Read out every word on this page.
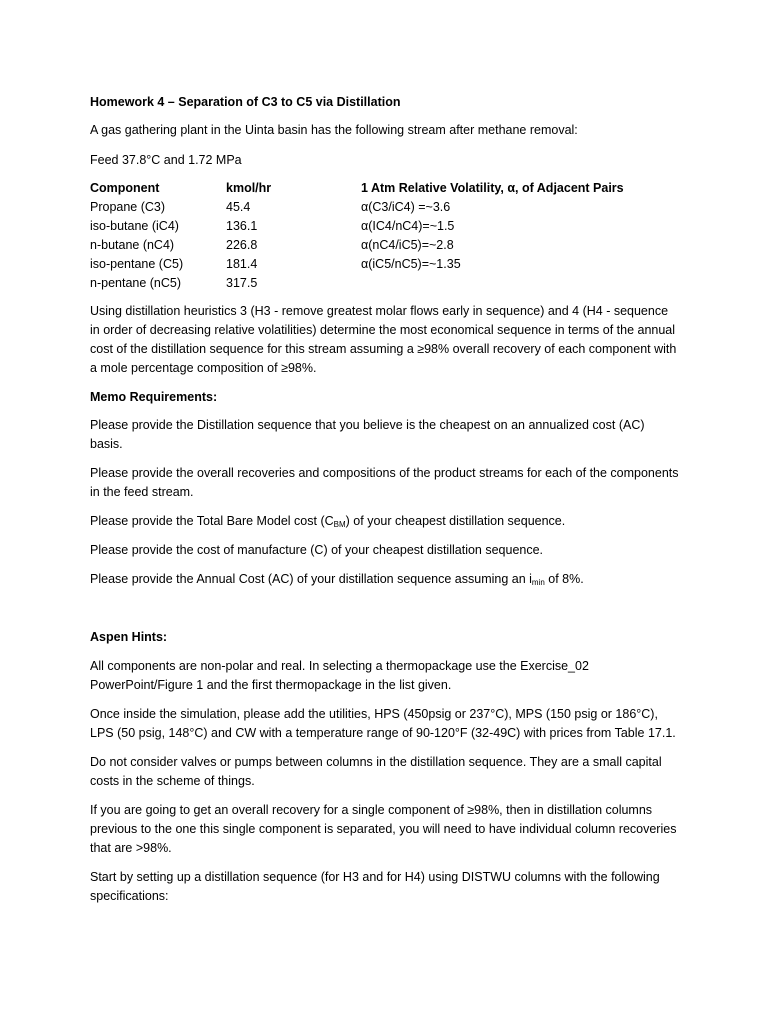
Homework 4 – Separation of C3 to C5 via Distillation

A gas gathering plant in the Uinta basin has the following stream after methane removal:

Feed 37.8°C and 1.72 MPa

Component	kmol/hr	1 Atm Relative Volatility, α, of Adjacent Pairs
Propane (C3)	45.4	α(C3/iC4) =~3.6
iso-butane (iC4)	136.1	α(IC4/nC4)=~1.5
n-butane (nC4)	226.8	α(nC4/iC5)=~2.8
iso-pentane (C5)	181.4	α(iC5/nC5)=~1.35
n-pentane (nC5)	317.5

Using distillation heuristics 3 (H3 - remove greatest molar flows early in sequence) and 4 (H4 - sequence in order of decreasing relative volatilities) determine the most economical sequence in terms of the annual cost of the distillation sequence for this stream assuming a ≥98% overall recovery of each component with a mole percentage composition of ≥98%.

Memo Requirements:

Please provide the Distillation sequence that you believe is the cheapest on an annualized cost (AC) basis.

Please provide the overall recoveries and compositions of the product streams for each of the components in the feed stream.

Please provide the Total Bare Model cost $(C_{BM})$ of your cheapest distillation sequence.

Please provide the cost of manufacture (C) of your cheapest distillation sequence.

Please provide the Annual Cost (AC) of your distillation sequence assuming an $i_{min}$ of 8%.

Aspen Hints:

All components are non-polar and real. In selecting a thermopackage use the Exercise_02 PowerPoint/Figure 1 and the first thermopackage in the list given.

Once inside the simulation, please add the utilities, HPS (450psig or 237°C), MPS (150 psig or 186°C), LPS (50 psig, 148°C) and CW with a temperature range of 90-120°F (32-49C) with prices from Table 17.1.

Do not consider valves or pumps between columns in the distillation sequence. They are a small capital costs in the scheme of things.

If you are going to get an overall recovery for a single component of ≥98%, then in distillation columns previous to the one this single component is separated, you will need to have individual column recoveries that are >98%.

Start by setting up a distillation sequence (for H3 and for H4) using DISTWU columns with the following specifications:
